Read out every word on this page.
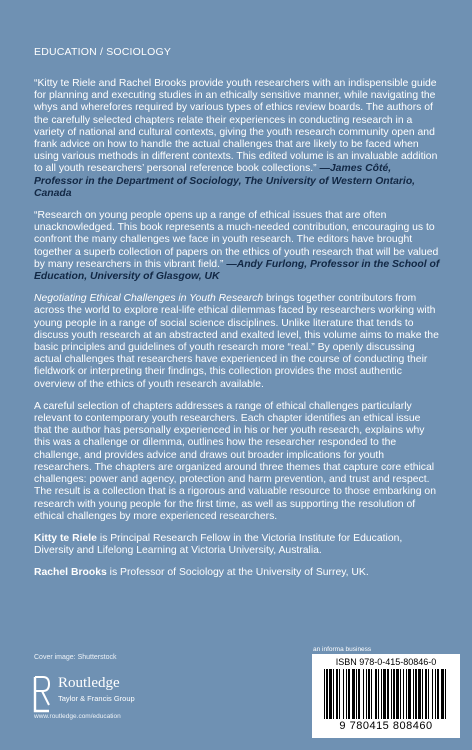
EDUCATION / SOCIOLOGY

“Kitty te Riele and Rachel Brooks provide youth researchers with an indispensible guide for planning and executing studies in an ethically sensitive manner, while navigating the whys and wherefores required by various types of ethics review boards. The authors of the carefully selected chapters relate their experiences in conducting research in a variety of national and cultural contexts, giving the youth research community open and frank advice on how to handle the actual challenges that are likely to be faced when using various methods in different contexts. This edited volume is an invaluable addition to all youth researchers’ personal reference book collections.” —James Côté, Professor in the Department of Sociology, The University of Western Ontario, Canada

“Research on young people opens up a range of ethical issues that are often unacknowledged. This book represents a much-needed contribution, encouraging us to confront the many challenges we face in youth research. The editors have brought together a superb collection of papers on the ethics of youth research that will be valued by many researchers in this vibrant field.” —Andy Furlong, Professor in the School of Education, University of Glasgow, UK

Negotiating Ethical Challenges in Youth Research brings together contributors from across the world to explore real-life ethical dilemmas faced by researchers working with young people in a range of social science disciplines. Unlike literature that tends to discuss youth research at an abstracted and exalted level, this volume aims to make the basic principles and guidelines of youth research more “real.” By openly discussing actual challenges that researchers have experienced in the course of conducting their fieldwork or interpreting their findings, this collection provides the most authentic overview of the ethics of youth research available.

A careful selection of chapters addresses a range of ethical challenges particularly relevant to contemporary youth researchers. Each chapter identifies an ethical issue that the author has personally experienced in his or her youth research, explains why this was a challenge or dilemma, outlines how the researcher responded to the challenge, and provides advice and draws out broader implications for youth researchers. The chapters are organized around three themes that capture core ethical challenges: power and agency, protection and harm prevention, and trust and respect. The result is a collection that is a rigorous and valuable resource to those embarking on research with young people for the first time, as well as supporting the resolution of ethical challenges by more experienced researchers.

Kitty te Riele is Principal Research Fellow in the Victoria Institute for Education, Diversity and Lifelong Learning at Victoria University, Australia.

Rachel Brooks is Professor of Sociology at the University of Surrey, UK.

Cover image: Shutterstock
Routledge
Taylor & Francis Group
www.routledge.com/education
an informa business
ISBN 978-0-415-80846-0
9 780415 808460
